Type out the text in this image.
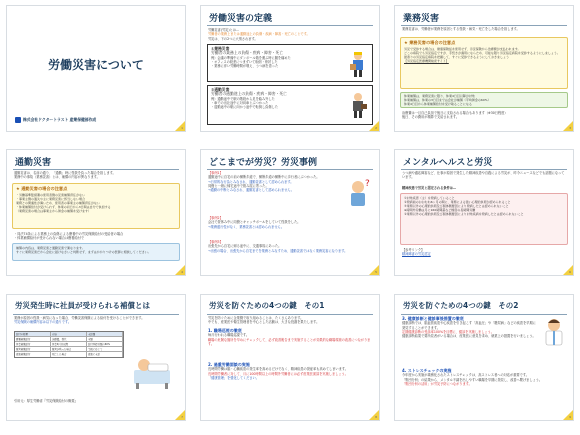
労働災害について
株式会社ドクタートラスト 産業保健部作成
1
労働災害の定義
労働災害(労災)とは…
労働者の業務上または通勤途上の負傷・疾病・障害・死亡のことです。
労災は、下の2つに大別されます。
①業務災害
労働者の業務上の負傷・疾病・障害・死亡
例）会議の準備中にダンボール箱を運ぶ時に腰を痛めた
・オフィスの段差につまずいて転倒・骨折した
・業務に伴い労働時間が増え、うつ病を患った
②通勤災害
労働者の通勤途上の負傷・疾病・障害・死亡
例）通勤途中で駅の階段から足を踏み外した
・車での出社途中に対向車とぶつかった
・退勤途中の駅に向かう途中で転倒し負傷した
2
業務災害
業務災害は、労働者が業務を原因とする怪我・病気・死亡をした場合を指します。
★ 業務災害の場合の注意点
労災で受診する場合は、健康保険証を使用せず、労災保険から治療費が支払われます。
どこの病院でも労災指定ですが、手続きが適用にならため、可能な限り労災指定病院を受診するようにしましょう。
最寄りの労災指定病院を把握して、すぐに受診できるようにしておきましょう
【労災指定医療機関検索サイト】
休業補償は、業務災害に限り、休業4日目以降が対象
休業補償は、休業の3日目までは会社が補償（平均賃金の60%）
休業4日目から休業補償給付を受け取ることになる
治療費は一旦自己負担で後日に支給される場合もあります（※30日程度）
後日、その費用が精算で支給されます。
3
通勤災害
通勤災害は、名前の通り、「通勤」時に怪我を負った場合を指します。
業務中の事故（業務災害）とは、補償の内容が異なります。
★ 通勤災害の場合の注意点
・労働基準監督署の使用者側の災害補償責任がない
・事業主側の過失や主に業務災害に該当しない場合
業務との関連性が薄いため、使用者の事業主の補償責任がない
・休業補償給付が受けられず、休業の初日から3日間は自分で負担する
（業務災害の場合は事業主から賃金の補償を受けます）
・同法74条による業務上の負傷による療養中の労災保険給付の受給者の場合
・休業補償給付が受けられない場合は療養給付で
補償の内容は、業務災害と通勤災害で異なります。
すぐに業務災害だから会社に届けなさいと判断せず、まずはかかりつけの医師に相談してください。
4
どこまでが労災？労災事例
【事例1】
通勤途中に自宅の前の横断歩道で、横断歩道の横断中に歩行者にぶつかった。
→日常的な行為とみなされ、通勤災害として認められます。
同僚と一緒に帰宅途中で飲み屋に寄った。
→通勤の中断とみなされ、通勤災害として認められません。
?
【事例2】
会社で昼休み中に同僚とキャッチボールをしていて怪我をした。
→業務遂行性がなく、業務災害とは認められません。
【事例3】
出張先から自宅に帰る途中に、交通事故にあった。
→出張の場合、出張先から自宅までを業務とみなすため、通勤災害ではなく業務災害になります。
5
メンタルヘルスと労災
うつ病や適応障害など、仕事が原因で発生した精神疾患や自殺による労災が、昨今ニュースなどでも話題になっています。
精神疾患で労災と認定される条件は…
①対象疾患（主）を発病していること
②発病前のおおむね6ヶ月の間に、業務による強い心理的負荷が認められること
③業務以外の心理的負荷及び個体側要因により発病したとは認められないこと
※時間外労働は月に160時間超など極度の長時間労働
②業務以外の心理的負荷及び個体側要因により対象疾病を発病したとは認められないこと
【参考リンク】
精神障害の労災認定
6
労災発生時に社員が受けられる補償とは
業務が原因の怪我・病気になった場合、労働災害保険による給付を受けることができます。
労災保険の補償内容は以下の通りです。
給付の種類	内容	支給額
療養補償給付	治療費、薬代	全額
休業補償給付	休業4日目以降	給付基礎日額の60%
障害補償給付	障害が残った場合	等級に応じて
遺族補償給付	死亡した場合	遺族に支給
引用元：厚生労働省『労災保険給付の概要』
7
労災を防ぐための4つの鍵　その1
労災を防ぐために企業側で取り組めることは、たくさんあります。
中でも、産業医や衛生管理者を中心とした活動は、大きな役割を果たします。
1. 職場巡視の徹底
毎月行われる職場巡視です。
職場の危険な箇所を早めにチェックして、必ず改善報告まで実施することが効果的な職場環境の改善につながります。
2. 過重労働面談の実施
長時間労働は脳・心臓疾患の発生率を高めるだけでなく、精神疾患の発症率も高めてしまいます。
長時間労働者に対して、月に100時間以上の時間外労働者には必ず産業医面談を実施しましょう。
「健康管理」を強化してください。
8
労災を防ぐための4つの鍵　その2
3. 健康診断と健診事後措置の徹底
健康診断では、脳血管疾患や心疾患を引き起こす「高血圧」や「糖尿病」などの疾患を早期に発見することができます。
定期健康診断の受診率100%を目標に、健診を実施しましょう。
健康診断結果で要所見者がいる場合は、産業医に意見を求め、就業上の措置を行いましょう。
4. ストレスチェックの実施
今年度から実施が義務化されたストレスチェックは、高ストレス者への対応が重要です。
「集団分析」の結果から、メンタル不調を出しやすい職場を早期に発見し、改善へ繋げましょう。
「集団分析の活用」が労災予防につながります。
9
